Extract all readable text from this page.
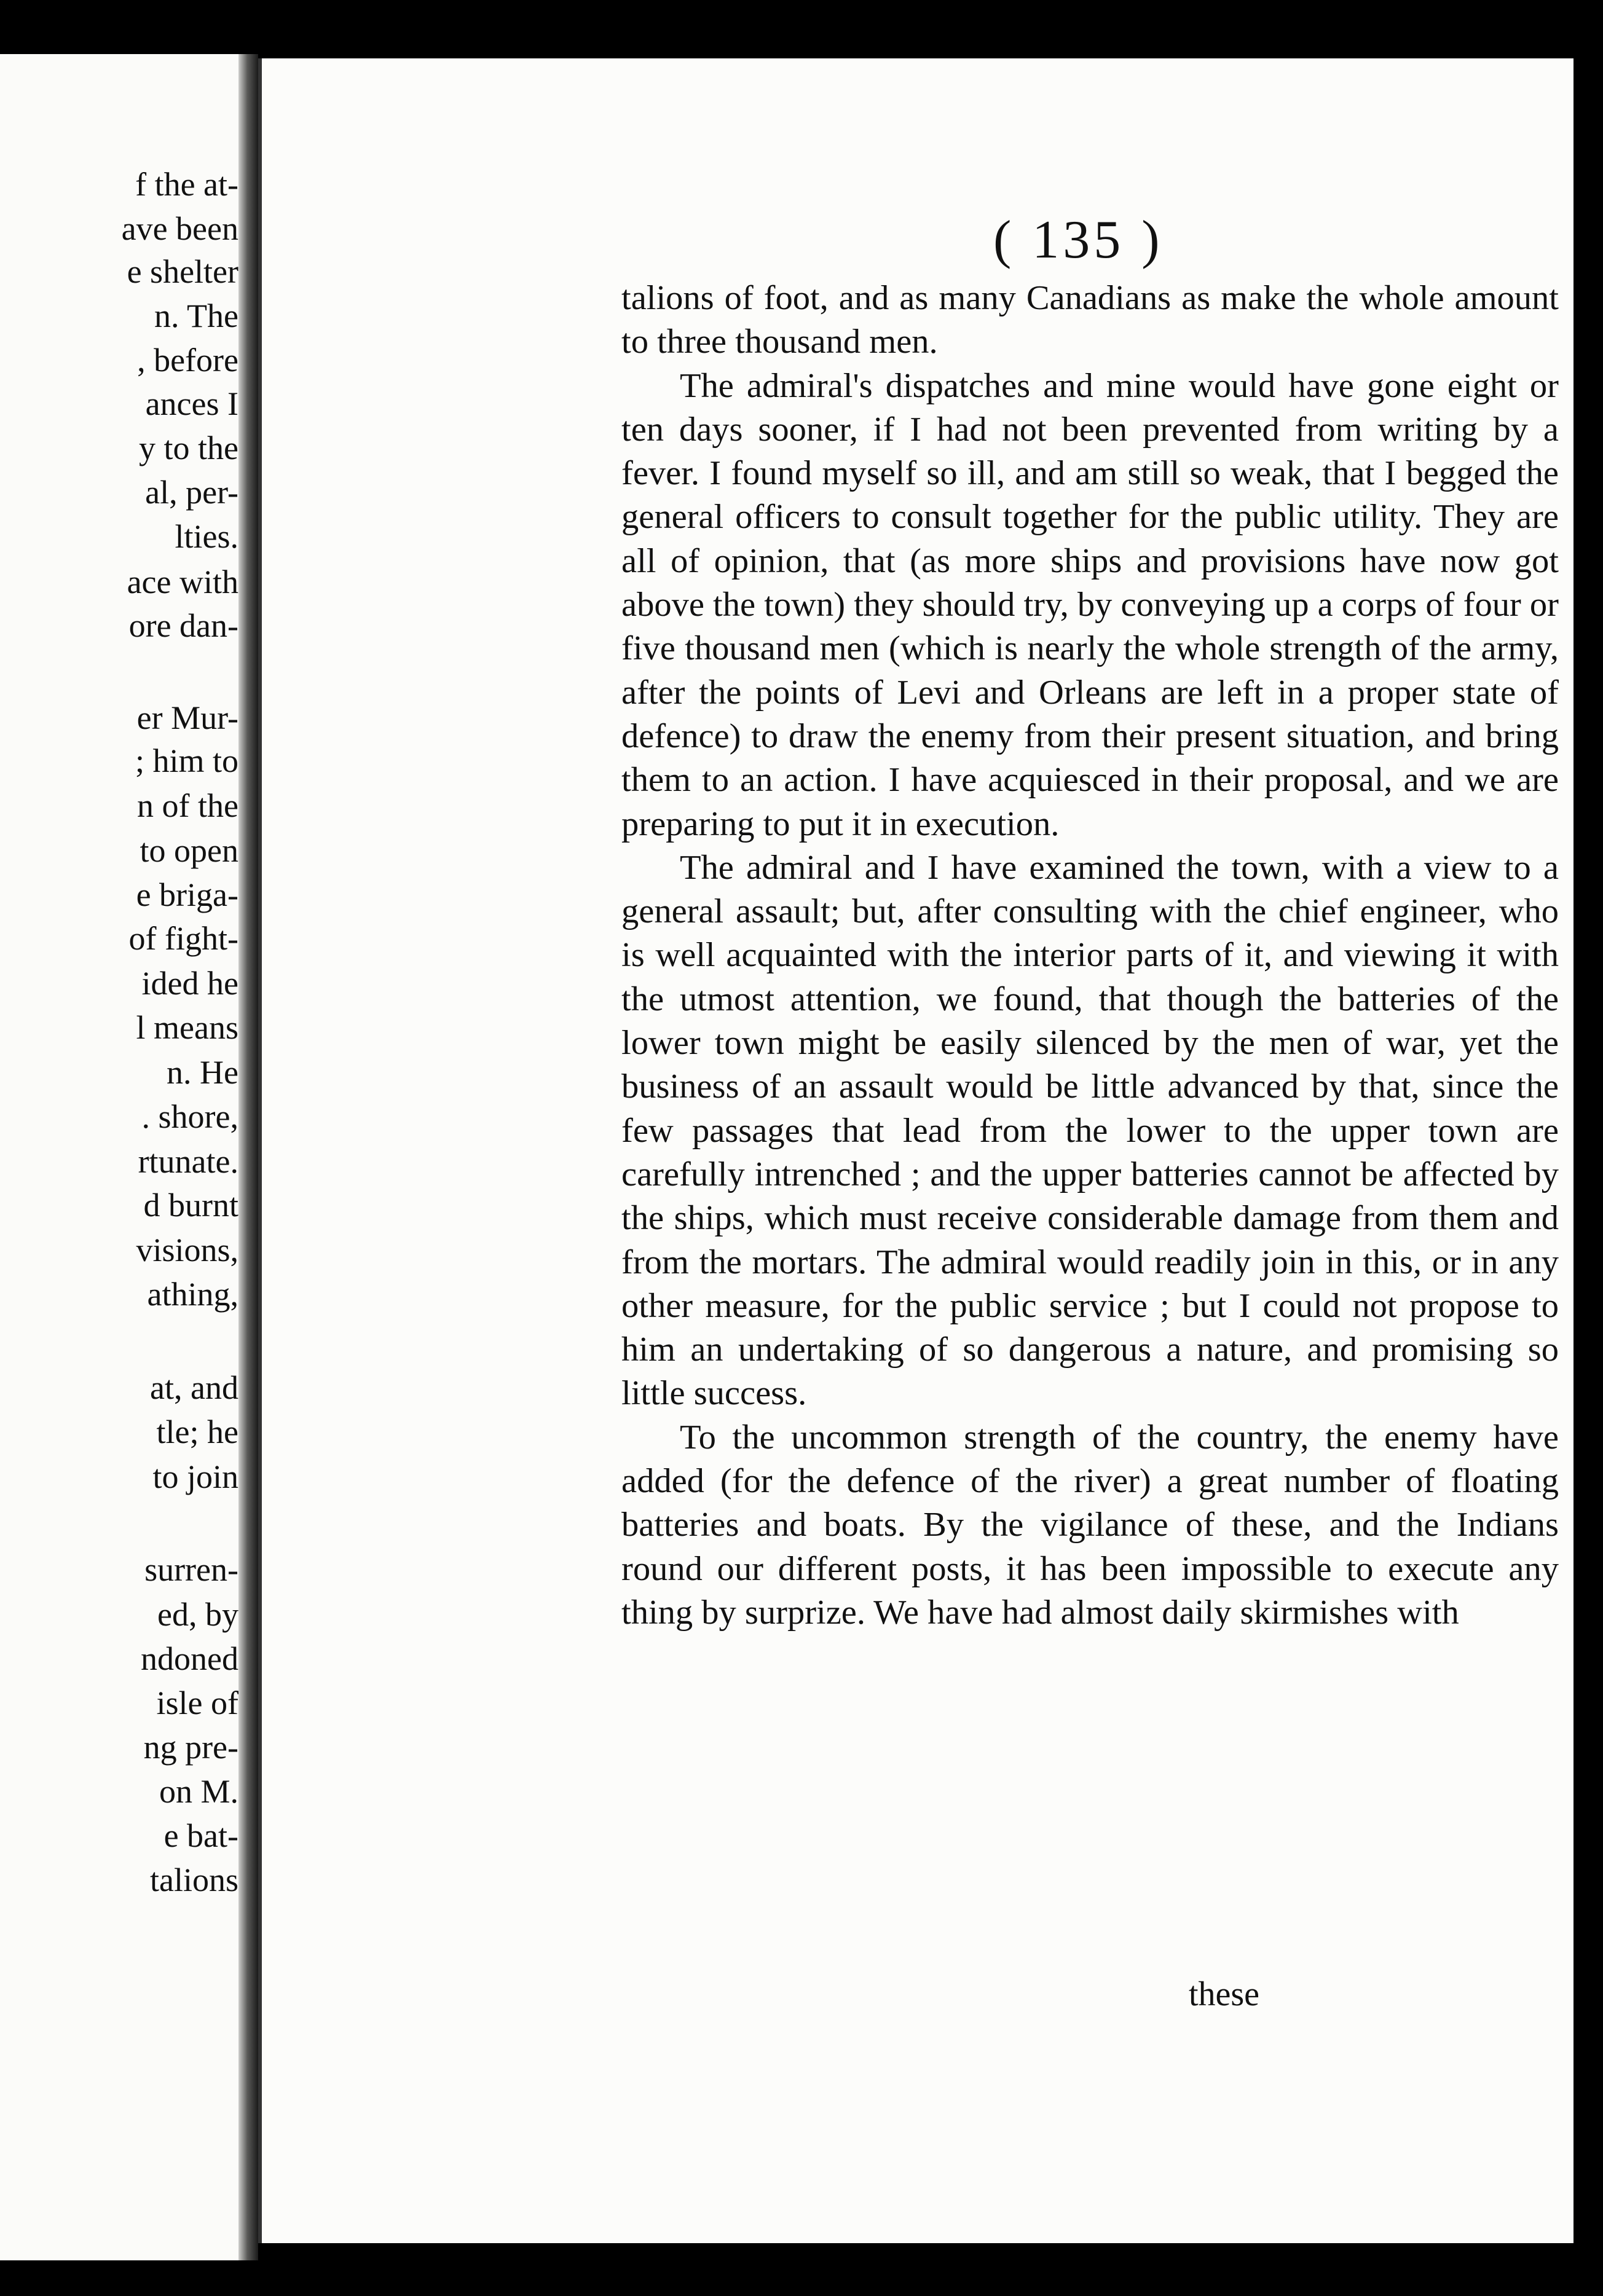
f the at-
ave been
e shelter
n. The
, before
ances I
y to the
al, per-
lties.
ace with
ore dan-
er Mur-
; him to
n of the
to open
e briga-
of fight-
ided he
l means
n. He
. shore,
rtunate.
d burnt
visions,
athing,
at, and
tle; he
to join
surren-
ed, by
ndoned
isle of
ng pre-
on M.
e bat-
talions
( 135 )

talions of foot, and as many Canadians as make the whole amount to three thousand men.

The admiral's dispatches and mine would have gone eight or ten days sooner, if I had not been prevented from writing by a fever. I found myself so ill, and am still so weak, that I begged the general officers to consult together for the public utility. They are all of opinion, that (as more ships and provisions have now got above the town) they should try, by conveying up a corps of four or five thousand men (which is nearly the whole strength of the army, after the points of Levi and Orleans are left in a proper state of defence) to draw the enemy from their present situation, and bring them to an action. I have acquiesced in their proposal, and we are preparing to put it in execution.

The admiral and I have examined the town, with a view to a general assault; but, after consulting with the chief engineer, who is well acquainted with the interior parts of it, and viewing it with the utmost attention, we found, that though the batteries of the lower town might be easily silenced by the men of war, yet the business of an assault would be little advanced by that, since the few passages that lead from the lower to the upper town are carefully intrenched ; and the upper batteries cannot be affected by the ships, which must receive considerable damage from them and from the mortars. The admiral would readily join in this, or in any other measure, for the public service ; but I could not propose to him an undertaking of so dangerous a nature, and promising so little success.

To the uncommon strength of the country, the enemy have added (for the defence of the river) a great number of floating batteries and boats. By the vigilance of these, and the Indians round our different posts, it has been impossible to execute any thing by surprize. We have had almost daily skirmishes with

these
